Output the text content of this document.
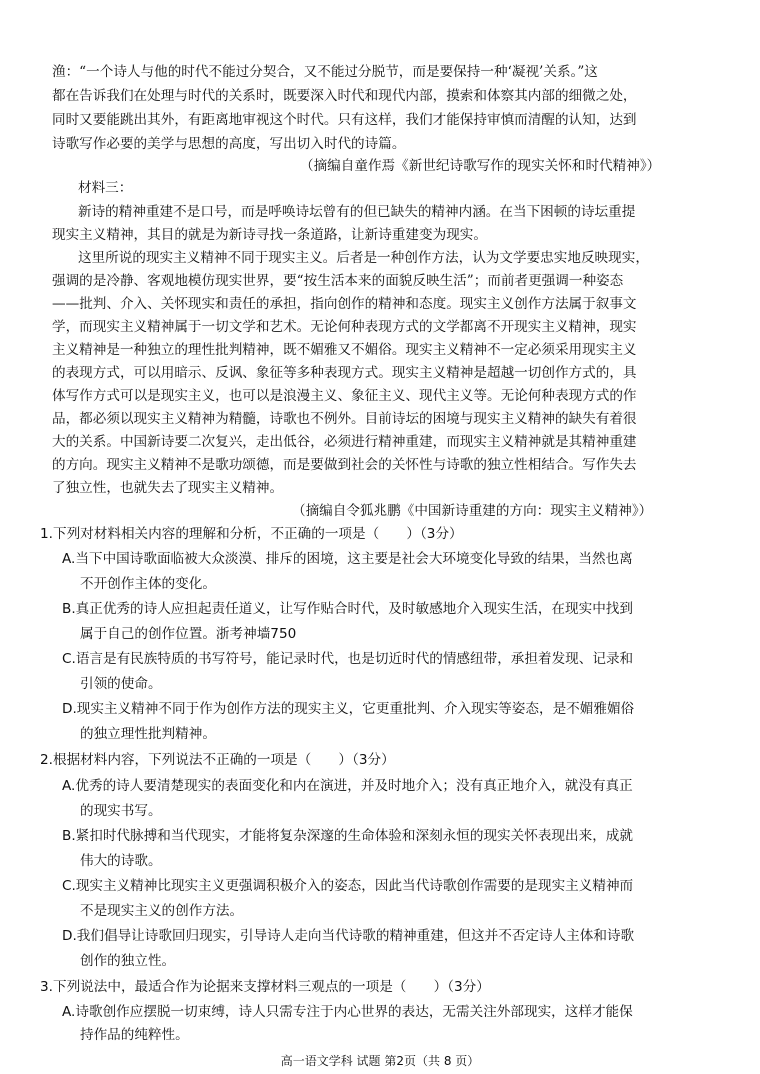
渔：“一个诗人与他的时代不能过分契合，又不能过分脱节，而是要保持一种‘凝视’关系。”这
都在告诉我们在处理与时代的关系时，既要深入时代和现代内部，摸索和体察其内部的细微之处，
同时又要能跳出其外，有距离地审视这个时代。只有这样，我们才能保持审慎而清醒的认知，达到
诗歌写作必要的美学与思想的高度，写出切入时代的诗篇。
（摘编自童作焉《新世纪诗歌写作的现实关怀和时代精神》）
材料三：
新诗的精神重建不是口号，而是呼唤诗坛曾有的但已缺失的精神内涵。在当下困顿的诗坛重提
现实主义精神，其目的就是为新诗寻找一条道路，让新诗重建变为现实。
这里所说的现实主义精神不同于现实主义。后者是一种创作方法，认为文学要忠实地反映现实，
强调的是冷静、客观地模仿现实世界，要“按生活本来的面貌反映生活”；而前者更强调一种姿态
——批判、介入、关怀现实和责任的承担，指向创作的精神和态度。现实主义创作方法属于叙事文
学，而现实主义精神属于一切文学和艺术。无论何种表现方式的文学都离不开现实主义精神，现实
主义精神是一种独立的理性批判精神，既不媚雅又不媚俗。现实主义精神不一定必须采用现实主义
的表现方式，可以用暗示、反讽、象征等多种表现方式。现实主义精神是超越一切创作方式的，具
体写作方式可以是现实主义，也可以是浪漫主义、象征主义、现代主义等。无论何种表现方式的作
品，都必须以现实主义精神为精髓，诗歌也不例外。目前诗坛的困境与现实主义精神的缺失有着很
大的关系。中国新诗要二次复兴，走出低谷，必须进行精神重建，而现实主义精神就是其精神重建
的方向。现实主义精神不是歌功颂德，而是要做到社会的关怀性与诗歌的独立性相结合。写作失去
了独立性，也就失去了现实主义精神。
（摘编自令狐兆鹏《中国新诗重建的方向：现实主义精神》）
1.下列对材料相关内容的理解和分析，不正确的一项是（　　）（3分）
A.当下中国诗歌面临被大众淡漠、排斥的困境，这主要是社会大环境变化导致的结果，当然也离
不开创作主体的变化。
B.真正优秀的诗人应担起责任道义，让写作贴合时代，及时敏感地介入现实生活，在现实中找到
属于自己的创作位置。浙考神墙750
C.语言是有民族特质的书写符号，能记录时代，也是切近时代的情感纽带，承担着发现、记录和
引领的使命。
D.现实主义精神不同于作为创作方法的现实主义，它更重批判、介入现实等姿态，是不媚雅媚俗
的独立理性批判精神。
2.根据材料内容，下列说法不正确的一项是（　　）（3分）
A.优秀的诗人要清楚现实的表面变化和内在演进，并及时地介入；没有真正地介入，就没有真正
的现实书写。
B.紧扣时代脉搏和当代现实，才能将复杂深邃的生命体验和深刻永恒的现实关怀表现出来，成就
伟大的诗歌。
C.现实主义精神比现实主义更强调积极介入的姿态，因此当代诗歌创作需要的是现实主义精神而
不是现实主义的创作方法。
D.我们倡导让诗歌回归现实，引导诗人走向当代诗歌的精神重建，但这并不否定诗人主体和诗歌
创作的独立性。
3.下列说法中，最适合作为论据来支撑材料三观点的一项是（　　）（3分）
A.诗歌创作应摆脱一切束缚，诗人只需专注于内心世界的表达，无需关注外部现实，这样才能保
高一语文学科 试题 第2页（共 8 页）
持作品的纯粹性。
